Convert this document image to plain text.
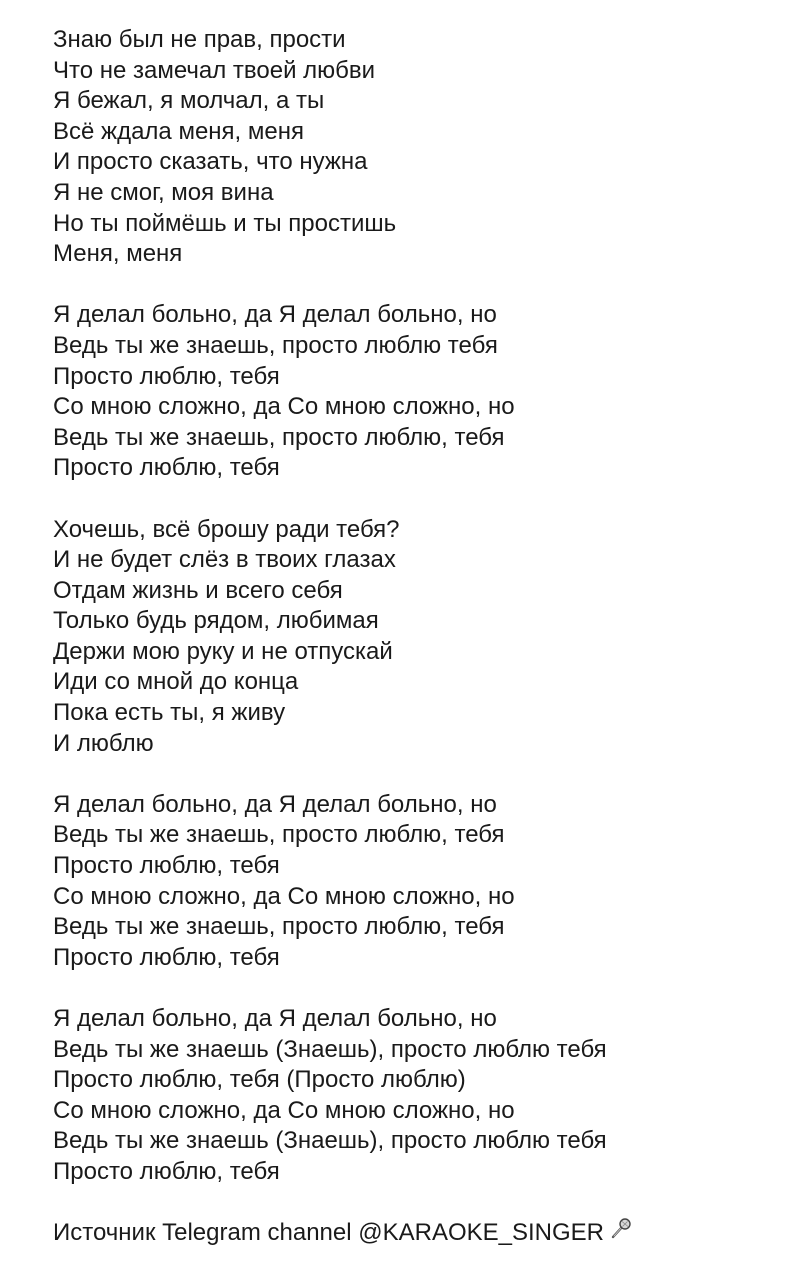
Знаю был не прав, прости
Что не замечал твоей любви
Я бежал, я молчал, а ты
Всё ждала меня, меня
И просто сказать, что нужна
Я не смог, моя вина
Но ты поймёшь и ты простишь
Меня, меня
Я делал больно, да Я делал больно, но
Ведь ты же знаешь, просто люблю тебя
Просто люблю, тебя
Со мною сложно, да Со мною сложно, но
Ведь ты же знаешь, просто люблю, тебя
Просто люблю, тебя
Хочешь, всё брошу ради тебя?
И не будет слёз в твоих глазах
Отдам жизнь и всего себя
Только будь рядом, любимая
Держи мою руку и не отпускай
Иди со мной до конца
Пока есть ты, я живу
И люблю
Я делал больно, да Я делал больно, но
Ведь ты же знаешь, просто люблю, тебя
Просто люблю, тебя
Со мною сложно, да Со мною сложно, но
Ведь ты же знаешь, просто люблю, тебя
Просто люблю, тебя
Я делал больно, да Я делал больно, но
Ведь ты же знаешь (Знаешь), просто люблю тебя
Просто люблю, тебя (Просто люблю)
Со мною сложно, да Со мною сложно, но
Ведь ты же знаешь (Знаешь), просто люблю тебя
Просто люблю, тебя
Источник Telegram channel @KARAOKE_SINGER
